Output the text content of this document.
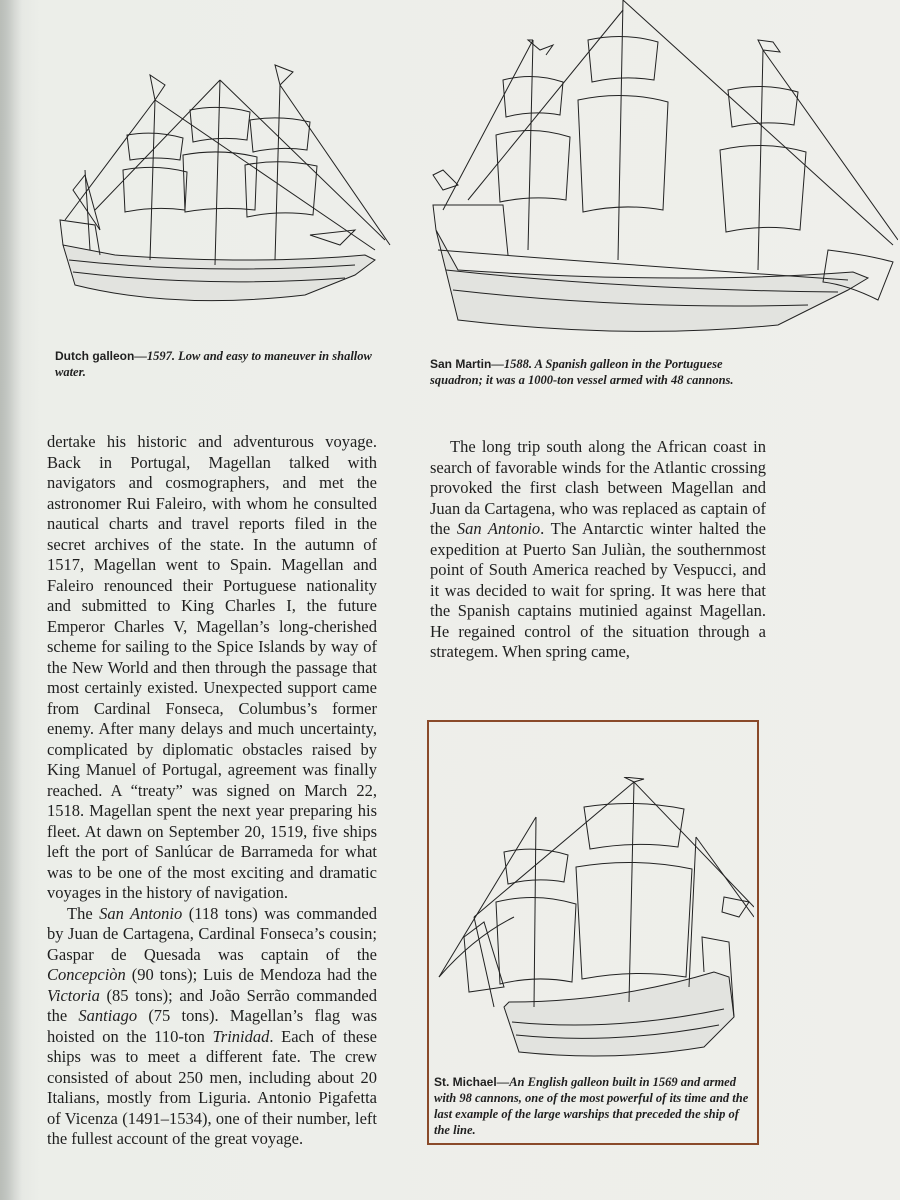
Dutch galleon—1597. Low and easy to maneuver in shallow water.
San Martin—1588. A Spanish galleon in the Portuguese squadron; it was a 1000-ton vessel armed with 48 cannons.

dertake his historic and adventurous voyage. Back in Portugal, Magellan talked with navigators and cosmographers, and met the astronomer Rui Faleiro, with whom he consulted nautical charts and travel reports filed in the secret archives of the state. In the autumn of 1517, Magellan went to Spain. Magellan and Faleiro renounced their Portuguese nationality and submitted to King Charles I, the future Emperor Charles V, Magellan’s long-cherished scheme for sailing to the Spice Islands by way of the New World and then through the passage that most certainly existed. Unexpected support came from Cardinal Fonseca, Columbus’s former enemy. After many delays and much uncertainty, complicated by diplomatic obstacles raised by King Manuel of Portugal, agreement was finally reached. A “treaty” was signed on March 22, 1518. Magellan spent the next year preparing his fleet. At dawn on September 20, 1519, five ships left the port of Sanlúcar de Barrameda for what was to be one of the most exciting and dramatic voyages in the history of navigation.

The San Antonio (118 tons) was commanded by Juan de Cartagena, Cardinal Fonseca’s cousin; Gaspar de Quesada was captain of the Concepciòn (90 tons); Luis de Mendoza had the Victoria (85 tons); and João Serrão commanded the Santiago (75 tons). Magellan’s flag was hoisted on the 110-ton Trinidad. Each of these ships was to meet a different fate. The crew consisted of about 250 men, including about 20 Italians, mostly from Liguria. Antonio Pigafetta of Vicenza (1491–1534), one of their number, left the fullest account of the great voyage.

The long trip south along the African coast in search of favorable winds for the Atlantic crossing provoked the first clash between Magellan and Juan da Cartagena, who was replaced as captain of the San Antonio. The Antarctic winter halted the expedition at Puerto San Juliàn, the southernmost point of South America reached by Vespucci, and it was decided to wait for spring. It was here that the Spanish captains mutinied against Magellan. He regained control of the situation through a strategem. When spring came,

St. Michael—An English galleon built in 1569 and armed with 98 cannons, one of the most powerful of its time and the last example of the large warships that preceded the ship of the line.
